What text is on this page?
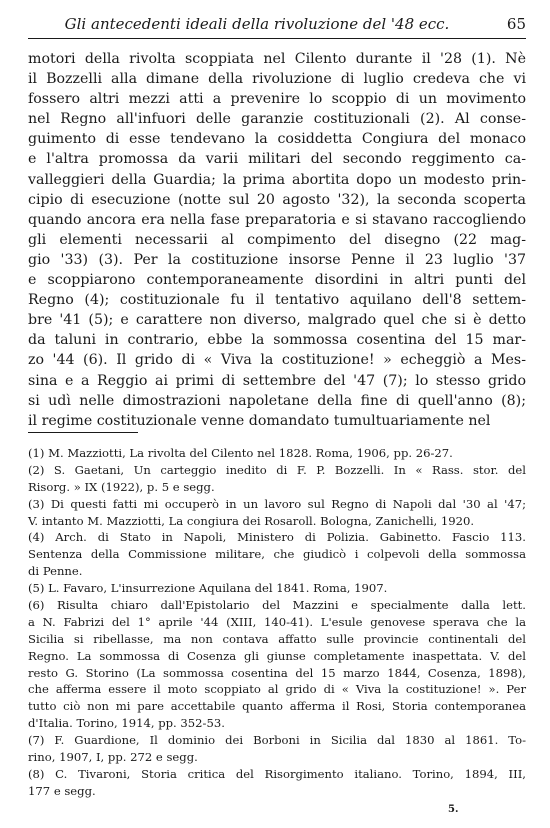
Gli antecedenti ideali della rivoluzione del '48 ecc.	65
motori della rivolta scoppiata nel Cilento durante il '28 (1). Nè
il Bozzelli alla dimane della rivoluzione di luglio credeva che vi
fossero altri mezzi atti a prevenire lo scoppio di un movimento
nel Regno all'infuori delle garanzie costituzionali (2). Al conse-
guimento di esse tendevano la cosiddetta Congiura del monaco
e l'altra promossa da varii militari del secondo reggimento ca-
valleggieri della Guardia; la prima abortita dopo un modesto prin-
cipio di esecuzione (notte sul 20 agosto '32), la seconda scoperta
quando ancora era nella fase preparatoria e si stavano raccogliendo
gli elementi necessarii al compimento del disegno (22 mag-
gio '33) (3). Per la costituzione insorse Penne il 23 luglio '37
e scoppiarono contemporaneamente disordini in altri punti del
Regno (4); costituzionale fu il tentativo aquilano dell'8 settem-
bre '41 (5); e carattere non diverso, malgrado quel che si è detto
da taluni in contrario, ebbe la sommossa cosentina del 15 mar-
zo '44 (6). Il grido di « Viva la costituzione! » echeggiò a Mes-
sina e a Reggio ai primi di settembre del '47 (7); lo stesso grido
si udì nelle dimostrazioni napoletane della fine di quell'anno (8);
il regime costituzionale venne domandato tumultuariamente nel
(1) M. Mazziotti, La rivolta del Cilento nel 1828. Roma, 1906, pp. 26-27.
(2) S. Gaetani, Un carteggio inedito di F. P. Bozzelli. In « Rass. stor. del
Risorg. » IX (1922), p. 5 e segg.
(3) Di questi fatti mi occuperò in un lavoro sul Regno di Napoli dal '30 al '47;
V. intanto M. Mazziotti, La congiura dei Rosaroll. Bologna, Zanichelli, 1920.
(4) Arch. di Stato in Napoli, Ministero di Polizia. Gabinetto. Fascio 113.
Sentenza della Commissione militare, che giudicò i colpevoli della sommossa
di Penne.
(5) L. Favaro, L'insurrezione Aquilana del 1841. Roma, 1907.
(6) Risulta chiaro dall'Epistolario del Mazzini e specialmente dalla lett.
a N. Fabrizi del 1° aprile '44 (XIII, 140-41). L'esule genovese sperava che la
Sicilia si ribellasse, ma non contava affatto sulle provincie continentali del
Regno. La sommossa di Cosenza gli giunse completamente inaspettata. V. del
resto G. Storino (La sommossa cosentina del 15 marzo 1844, Cosenza, 1898),
che afferma essere il moto scoppiato al grido di « Viva la costituzione! ». Per
tutto ciò non mi pare accettabile quanto afferma il Rosi, Storia contemporanea
d'Italia. Torino, 1914, pp. 352-53.
(7) F. Guardione, Il dominio dei Borboni in Sicilia dal 1830 al 1861. To-
rino, 1907, I, pp. 272 e segg.
(8) C. Tivaroni, Storia critica del Risorgimento italiano. Torino, 1894, III,
177 e segg.
5.
